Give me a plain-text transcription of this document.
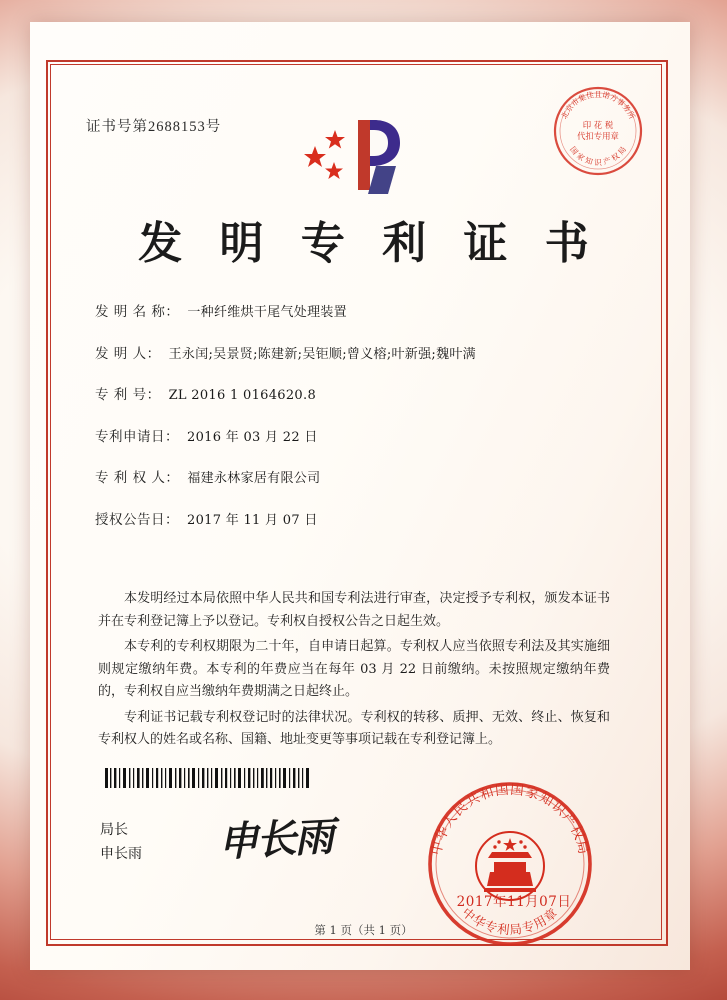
证书号第2688153号
北京市集佳且诺方事务所
国 家 知 识 产 权 局
印 花 税
代扣专用章
发 明 专 利 证 书
发 明 名 称： 一种纤维烘干尾气处理装置
发 明 人： 王永闰;吴景贤;陈建新;吴钜顺;曾义榕;叶新强;魏叶满
专 利 号： ZL 2016 1 0164620.8
专利申请日： 2016 年 03 月 22 日
专 利 权 人： 福建永林家居有限公司
授权公告日： 2017 年 11 月 07 日

本发明经过本局依照中华人民共和国专利法进行审查，决定授予专利权，颁发本证书并在专利登记簿上予以登记。专利权自授权公告之日起生效。

本专利的专利权期限为二十年，自申请日起算。专利权人应当依照专利法及其实施细则规定缴纳年费。本专利的年费应当在每年 03 月 22 日前缴纳。未按照规定缴纳年费的，专利权自应当缴纳年费期满之日起终止。

专利证书记载专利权登记时的法律状况。专利权的转移、质押、无效、终止、恢复和专利权人的姓名或名称、国籍、地址变更等事项记载在专利登记簿上。

局长
申长雨 申长雨	中华人民共和国国家知识产权局
中华专利局专用章
2017年11月07日
第 1 页（共 1 页）
